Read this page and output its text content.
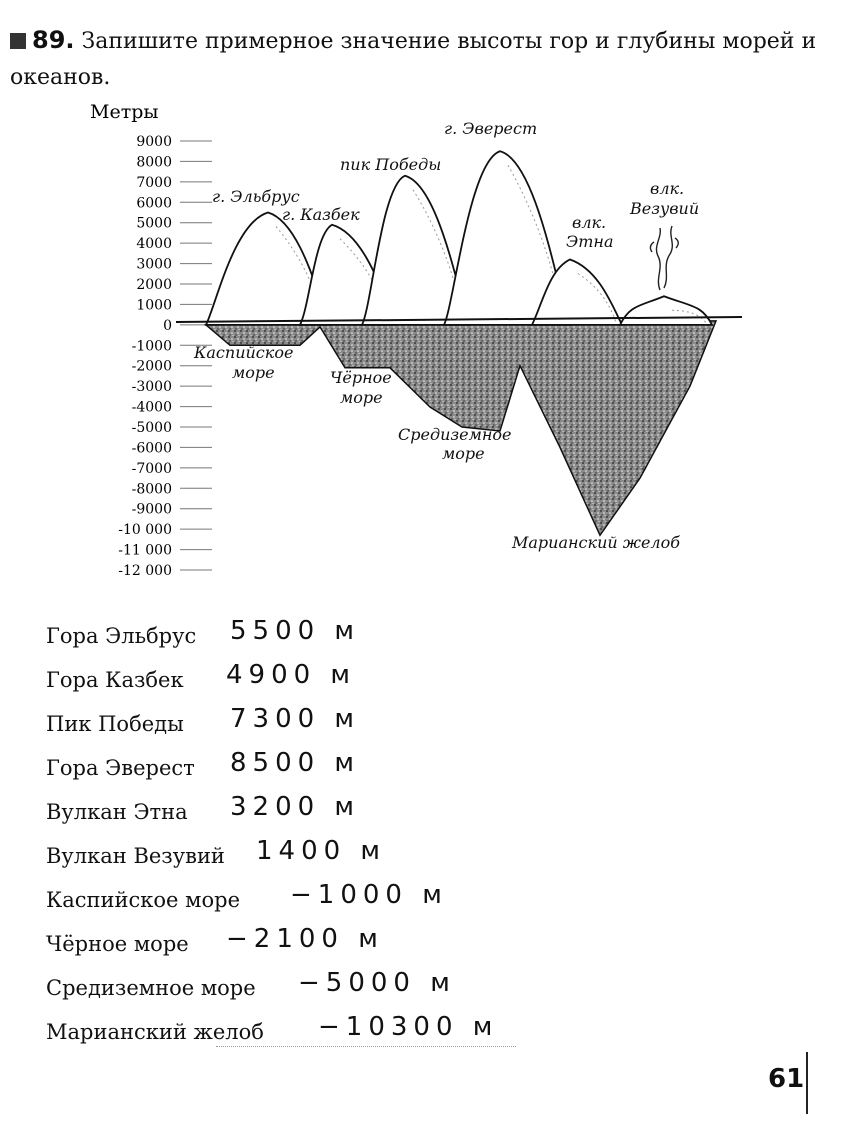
89. Запишите примерное значение высоты гор и глубины морей и океанов.
Метры
9000
8000
7000
6000
5000
4000
3000
2000
1000
0
-1000
-2000
-3000
-4000
-5000
-6000
-7000
-8000
-9000
-10 000
-11 000
-12 000
г. Эльбрус
г. Казбек
пик Победы
г. Эверест
влк.
Этна
влк.
Везувий
Каспийское
море	Чёрное
море
Средиземное
море
Марианский желоб
Гора Эльбрус 5500 м
Гора Казбек 4900 м
Пик Победы 7300 м
Гора Эверест 8500 м
Вулкан Этна 3200 м
Вулкан Везувий 1400 м
Каспийское море −1000 м
Чёрное море −2100 м
Средиземное море −5000 м
Марианский желоб −10300 м
61
